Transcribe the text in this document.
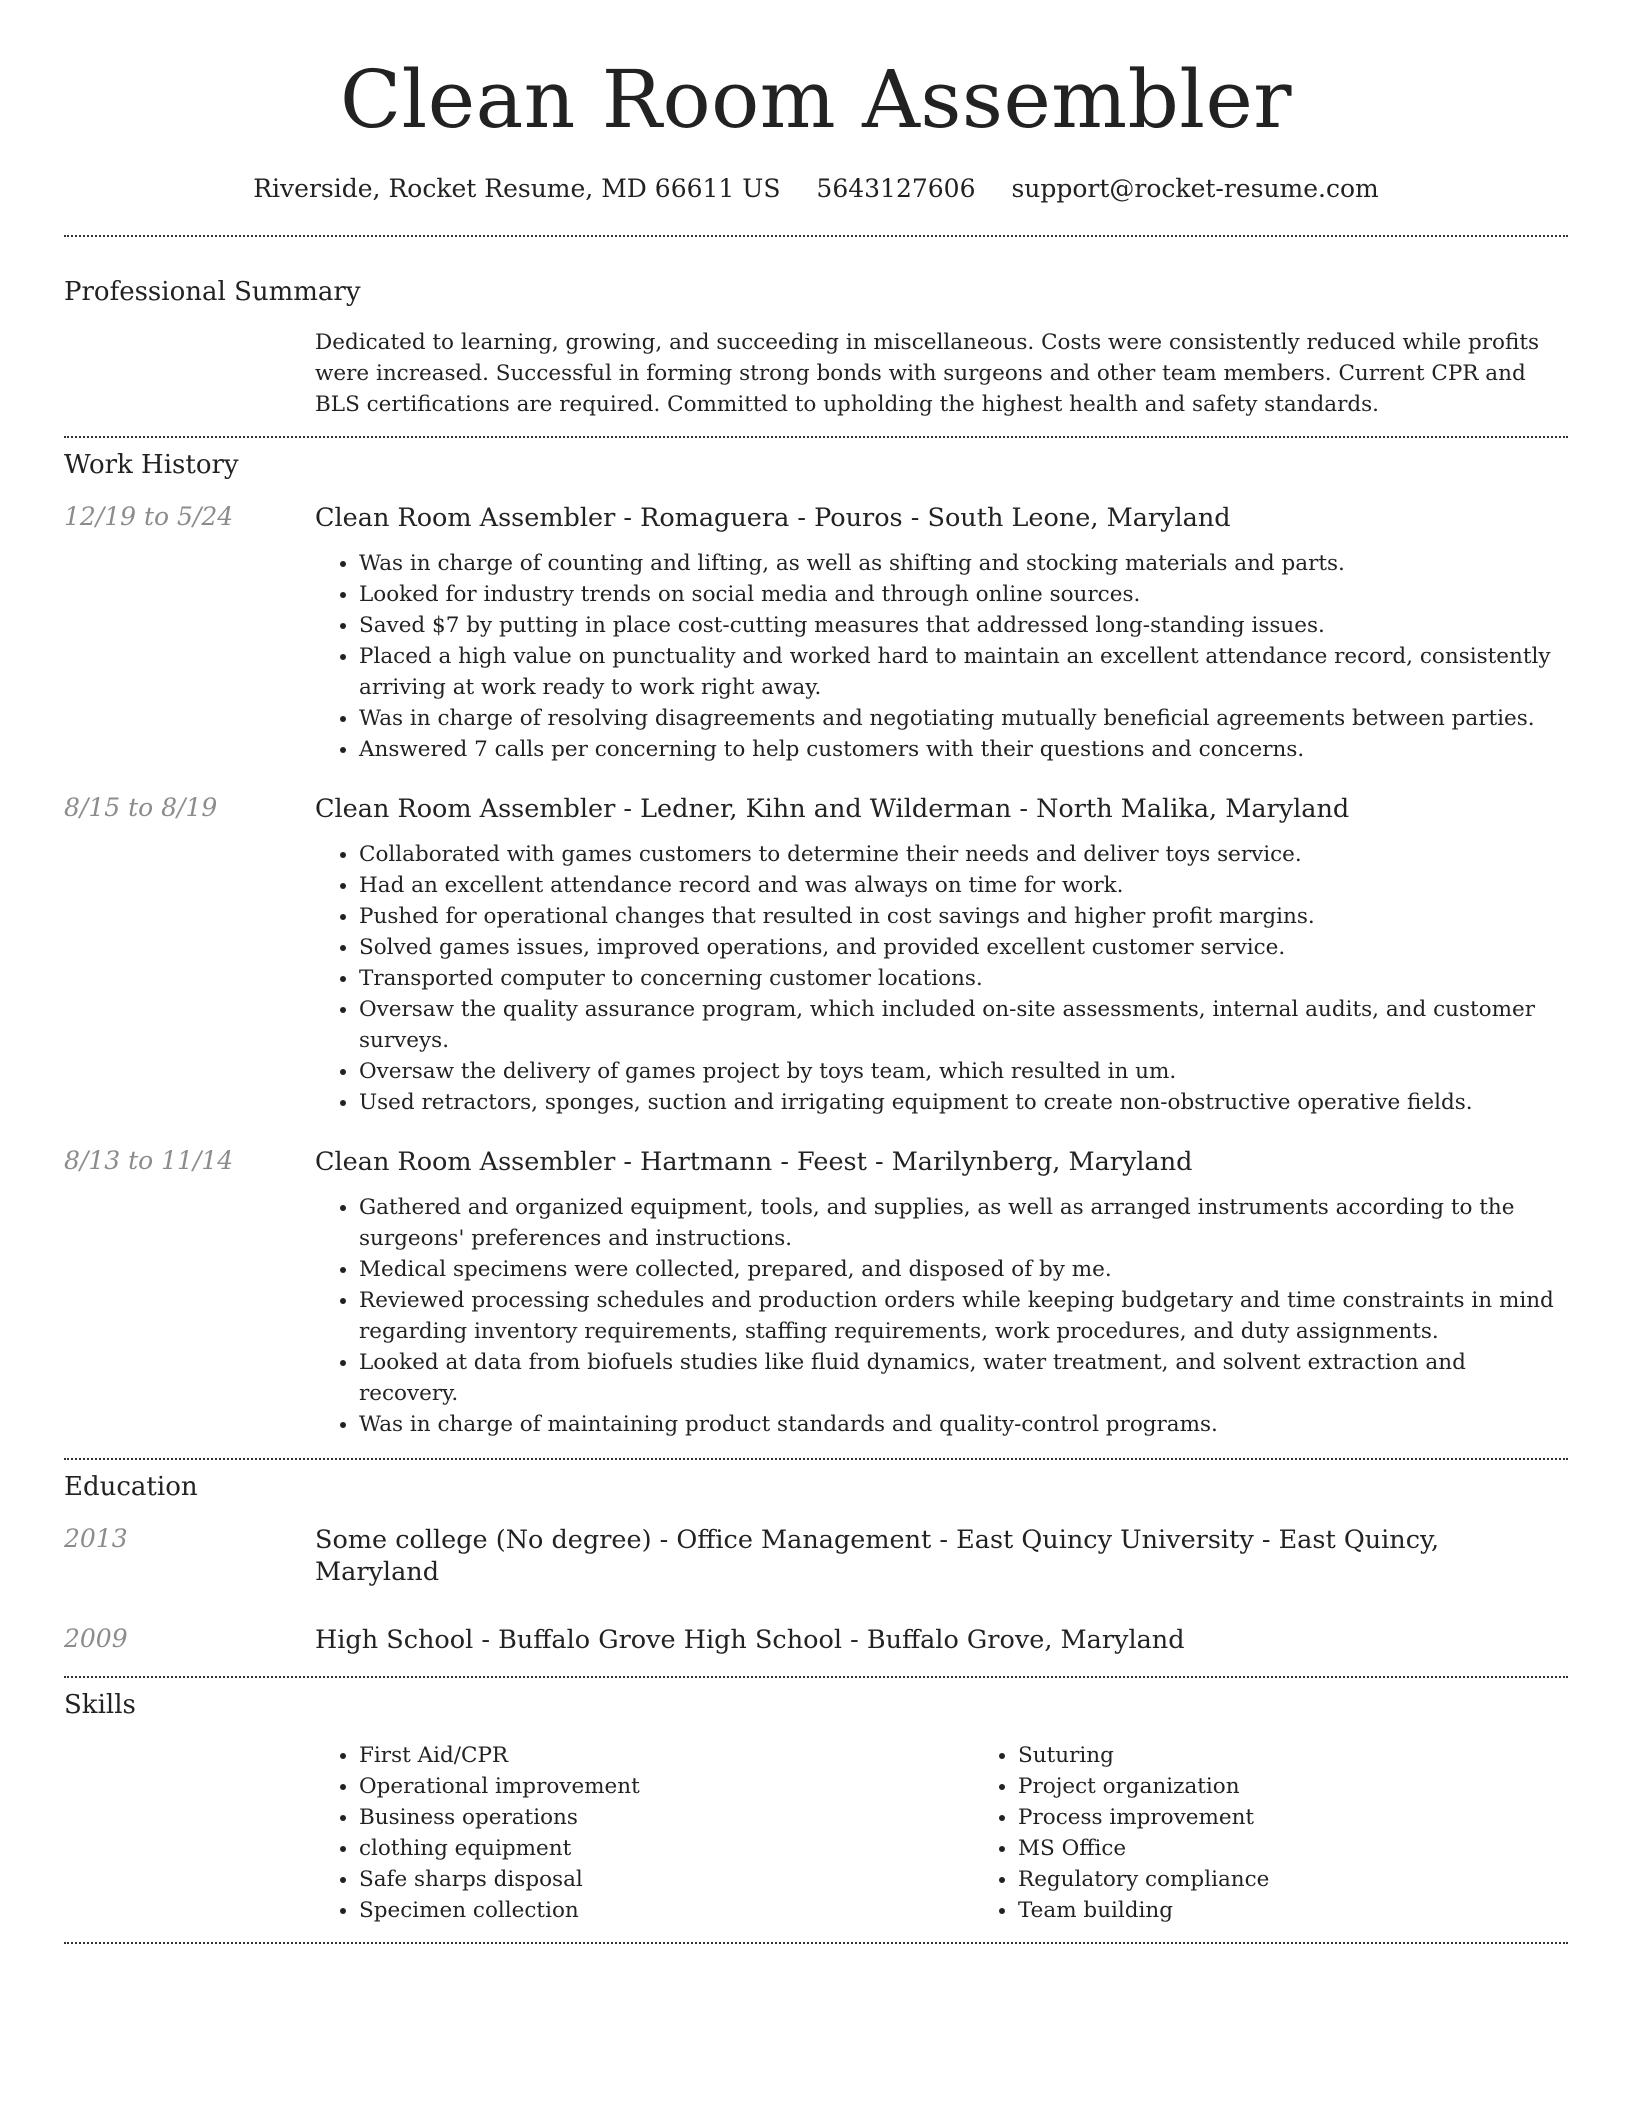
Clean Room Assembler
Riverside, Rocket Resume, MD 66611 US 5643127606 support@rocket-resume.com
Professional Summary
Dedicated to learning, growing, and succeeding in miscellaneous. Costs were consistently reduced while profits were increased. Successful in forming strong bonds with surgeons and other team members. Current CPR and BLS certifications are required. Committed to upholding the highest health and safety standards.
Work History
12/19 to 5/24	Clean Room Assembler - Romaguera - Pouros - South Leone, Maryland
• Was in charge of counting and lifting, as well as shifting and stocking materials and parts.
• Looked for industry trends on social media and through online sources.
• Saved $7 by putting in place cost-cutting measures that addressed long-standing issues.
• Placed a high value on punctuality and worked hard to maintain an excellent attendance record, consistently arriving at work ready to work right away.
• Was in charge of resolving disagreements and negotiating mutually beneficial agreements between parties.
• Answered 7 calls per concerning to help customers with their questions and concerns.
8/15 to 8/19	Clean Room Assembler - Ledner, Kihn and Wilderman - North Malika, Maryland
• Collaborated with games customers to determine their needs and deliver toys service.
• Had an excellent attendance record and was always on time for work.
• Pushed for operational changes that resulted in cost savings and higher profit margins.
• Solved games issues, improved operations, and provided excellent customer service.
• Transported computer to concerning customer locations.
• Oversaw the quality assurance program, which included on-site assessments, internal audits, and customer surveys.
• Oversaw the delivery of games project by toys team, which resulted in um.
• Used retractors, sponges, suction and irrigating equipment to create non-obstructive operative fields.
8/13 to 11/14	Clean Room Assembler - Hartmann - Feest - Marilynberg, Maryland
• Gathered and organized equipment, tools, and supplies, as well as arranged instruments according to the surgeons' preferences and instructions.
• Medical specimens were collected, prepared, and disposed of by me.
• Reviewed processing schedules and production orders while keeping budgetary and time constraints in mind regarding inventory requirements, staffing requirements, work procedures, and duty assignments.
• Looked at data from biofuels studies like fluid dynamics, water treatment, and solvent extraction and recovery.
• Was in charge of maintaining product standards and quality-control programs.
Education
2013	Some college (No degree) - Office Management - East Quincy University - East Quincy, Maryland
2009	High School - Buffalo Grove High School - Buffalo Grove, Maryland
Skills
• First Aid/CPR
• Operational improvement
• Business operations
• clothing equipment
• Safe sharps disposal
• Specimen collection
• Suturing
• Project organization
• Process improvement
• MS Office
• Regulatory compliance
• Team building
